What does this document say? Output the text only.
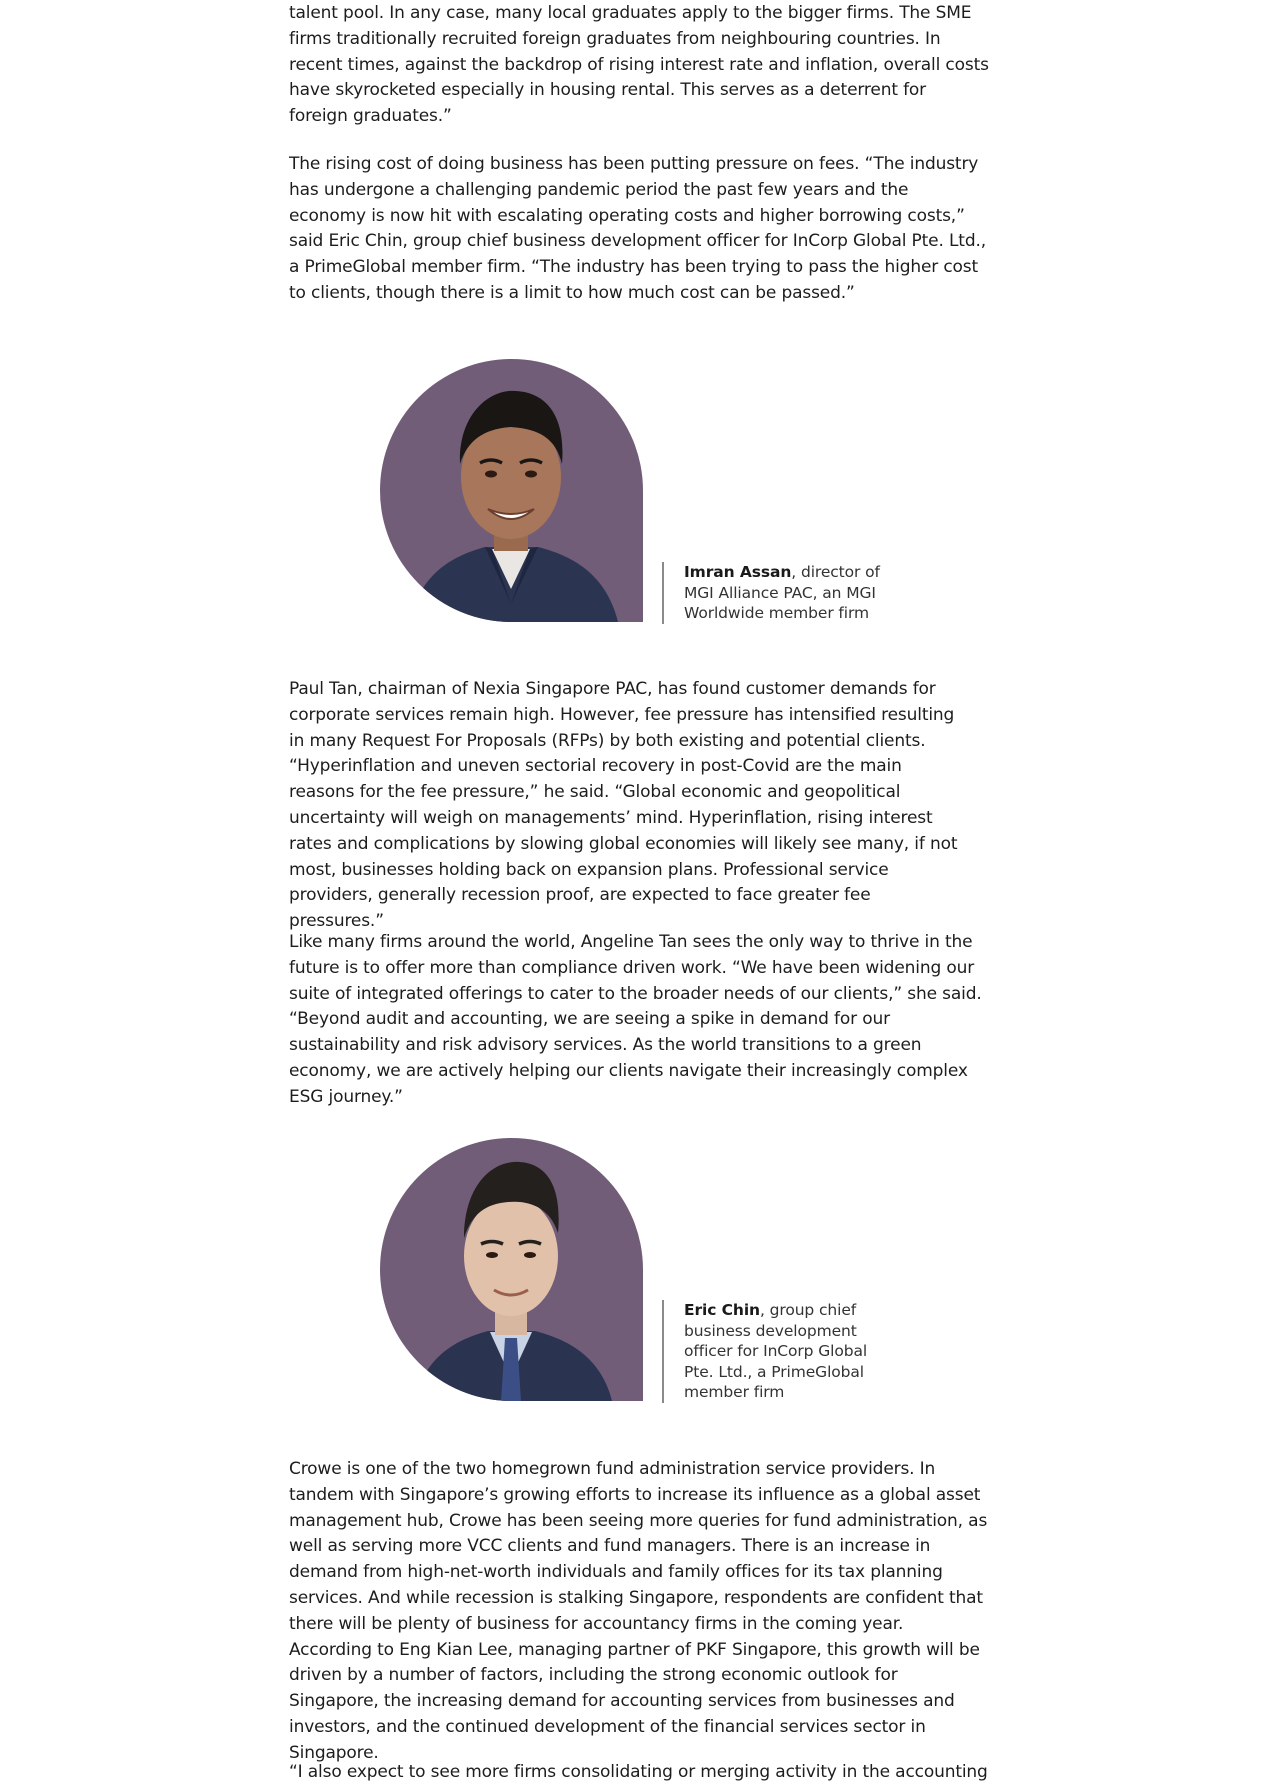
talent pool. In any case, many local graduates apply to the bigger firms. The SME firms traditionally recruited foreign graduates from neighbouring countries. In recent times, against the backdrop of rising interest rate and inflation, overall costs have skyrocketed especially in housing rental. This serves as a deterrent for foreign graduates.”

The rising cost of doing business has been putting pressure on fees. “The industry has undergone a challenging pandemic period the past few years and the economy is now hit with escalating operating costs and higher borrowing costs,” said Eric Chin, group chief business development officer for InCorp Global Pte. Ltd., a PrimeGlobal member firm. “The industry has been trying to pass the higher cost to clients, though there is a limit to how much cost can be passed.”

Imran Assan, director of MGI Alliance PAC, an MGI Worldwide member firm

Paul Tan, chairman of Nexia Singapore PAC, has found customer demands for corporate services remain high. However, fee pressure has intensified resulting in many Request For Proposals (RFPs) by both existing and potential clients. “Hyperinflation and uneven sectorial recovery in post-Covid are the main reasons for the fee pressure,” he said. “Global economic and geopolitical uncertainty will weigh on managements’ mind. Hyperinflation, rising interest rates and complications by slowing global economies will likely see many, if not most, businesses holding back on expansion plans. Professional service providers, generally recession proof, are expected to face greater fee pressures.”

Like many firms around the world, Angeline Tan sees the only way to thrive in the future is to offer more than compliance driven work. “We have been widening our suite of integrated offerings to cater to the broader needs of our clients,” she said. “Beyond audit and accounting, we are seeing a spike in demand for our sustainability and risk advisory services. As the world transitions to a green economy, we are actively helping our clients navigate their increasingly complex ESG journey.”

Eric Chin, group chief business development officer for InCorp Global Pte. Ltd., a PrimeGlobal member firm

Crowe is one of the two homegrown fund administration service providers. In tandem with Singapore’s growing efforts to increase its influence as a global asset management hub, Crowe has been seeing more queries for fund administration, as well as serving more VCC clients and fund managers. There is an increase in demand from high-net-worth individuals and family offices for its tax planning services. And while recession is stalking Singapore, respondents are confident that there will be plenty of business for accountancy firms in the coming year. According to Eng Kian Lee, managing partner of PKF Singapore, this growth will be driven by a number of factors, including the strong economic outlook for Singapore, the increasing demand for accounting services from businesses and investors, and the continued development of the financial services sector in Singapore.

“I also expect to see more firms consolidating or merging activity in the accounting
